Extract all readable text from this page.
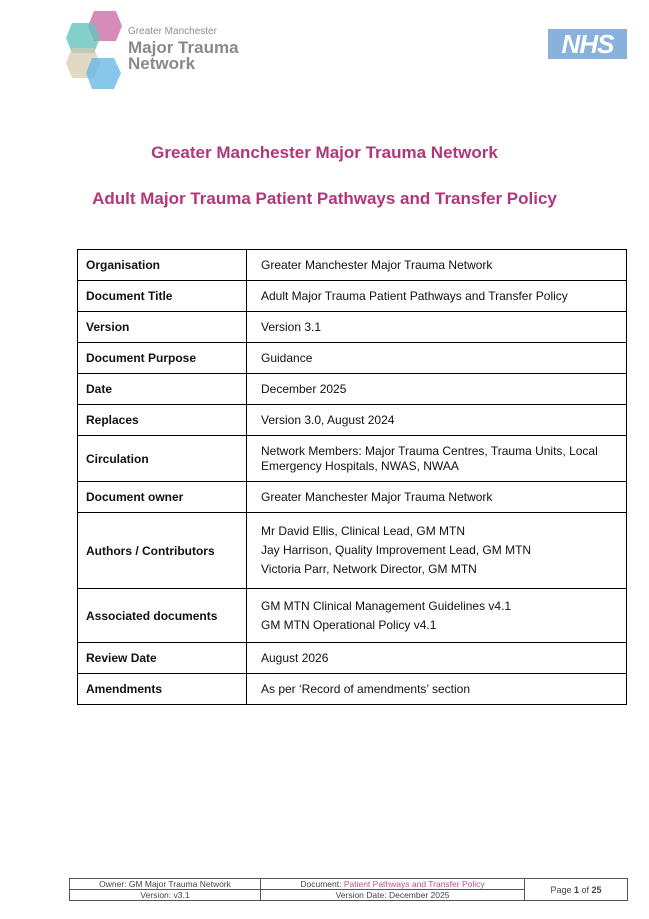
Greater Manchester
Major Trauma
Network
NHS
Greater Manchester Major Trauma Network
Adult Major Trauma Patient Pathways and Transfer Policy
Organisation	Greater Manchester Major Trauma Network
Document Title	Adult Major Trauma Patient Pathways and Transfer Policy
Version	Version 3.1
Document Purpose	Guidance
Date	December 2025
Replaces	Version 3.0, August 2024
Circulation	Network Members: Major Trauma Centres, Trauma Units, Local
Emergency Hospitals, NWAS, NWAA

Document owner	Greater Manchester Major Trauma Network
Authors / Contributors	Mr David Ellis, Clinical Lead, GM MTN
Jay Harrison, Quality Improvement Lead, GM MTN
Victoria Parr, Network Director, GM MTN

Associated documents	GM MTN Clinical Management Guidelines v4.1
GM MTN Operational Policy v4.1

Review Date	August 2026
Amendments	As per ‘Record of amendments’ section
Owner: GM Major Trauma Network	Document: Patient Pathways and Transfer Policy	Page 1 of 25
Version: v3.1	Version Date: December 2025	
